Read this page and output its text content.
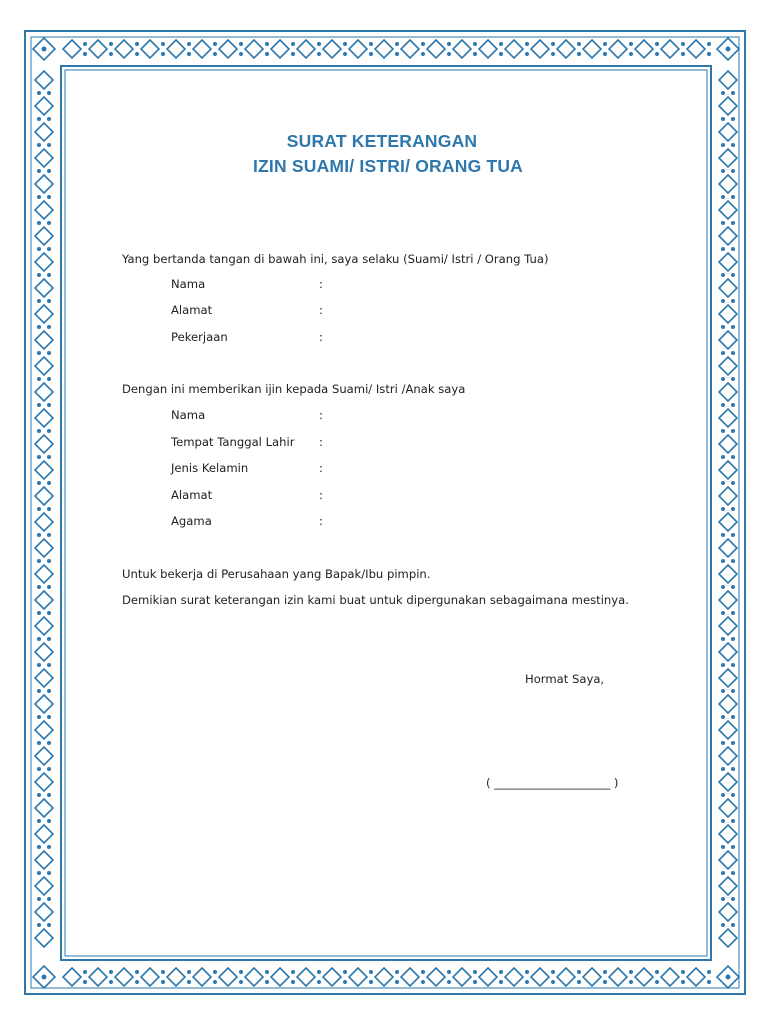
SURAT KETERANGAN
IZIN SUAMI/ ISTRI/ ORANG TUA
Yang bertanda tangan di bawah ini, saya selaku (Suami/ Istri / Orang Tua)
Nama	:
Alamat	:
Pekerjaan	:
Dengan ini memberikan ijin kepada Suami/ Istri /Anak saya
Nama	:
Tempat Tanggal Lahir :
Jenis Kelamin	:
Alamat	:
Agama	:
Untuk bekerja di Perusahaan yang Bapak/Ibu pimpin.
Demikian surat keterangan izin kami buat untuk dipergunakan sebagaimana mestinya.
Hormat Saya,
( ____________________ )
